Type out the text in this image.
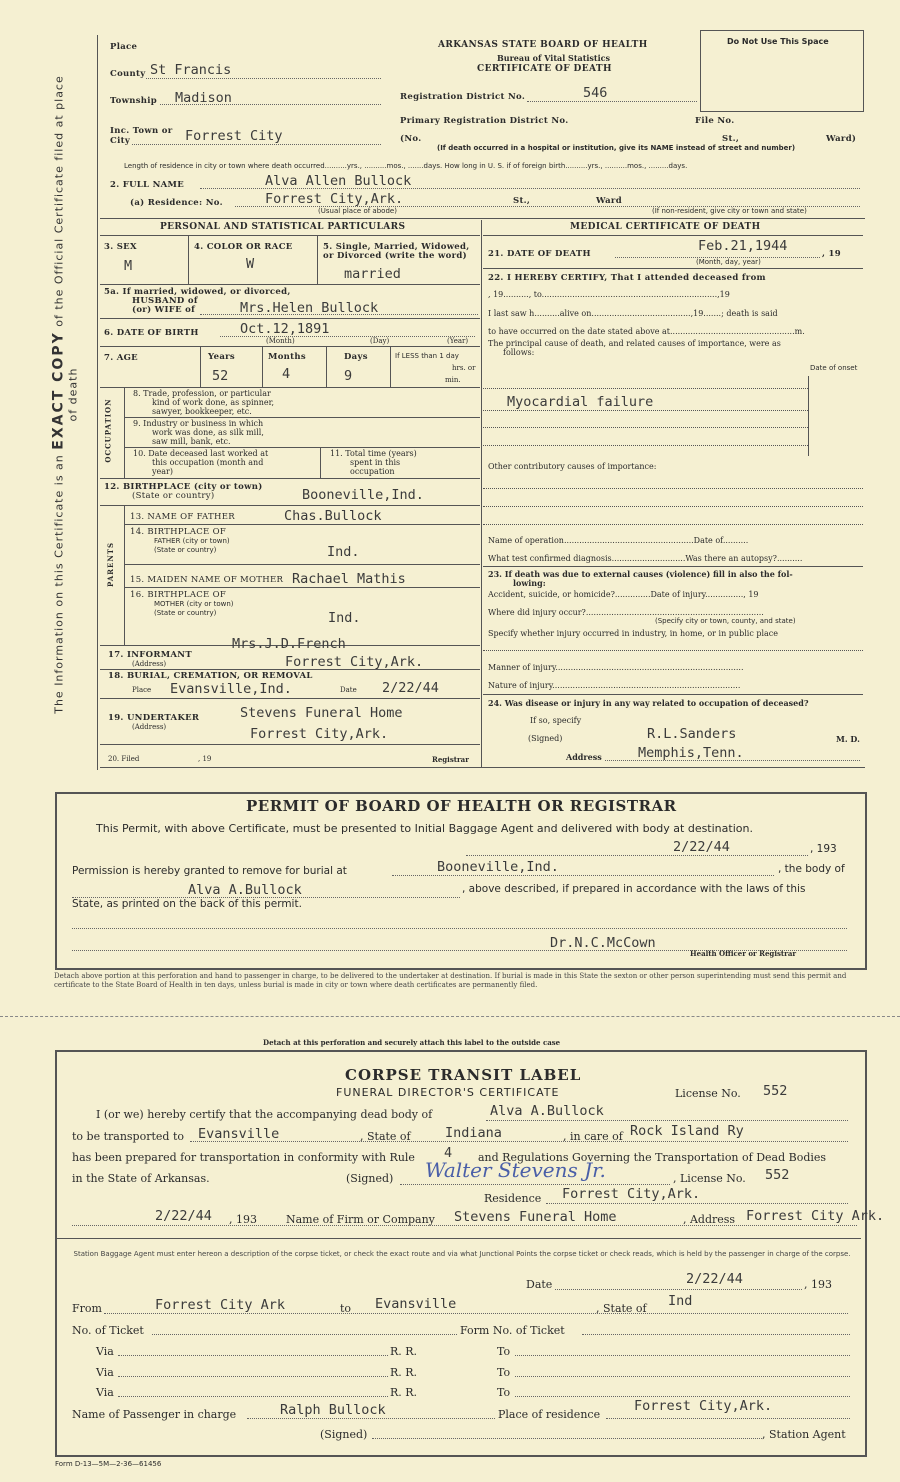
The Information on this Certificate is an EXACT COPY of the Official Certificate filed at place of death
Place	ARKANSAS STATE BOARD OF HEALTH
Bureau of Vital Statistics
CERTIFICATE OF DEATH
Do Not Use This Space
County St Francis
Township Madison	Registration District No.	546
Primary Registration District No.	File No.
Inc. Town or
City	Forrest City	(No.	St.,	Ward)
(If death occurred in a hospital or institution, give its NAME instead of street and number)
Length of residence in city or town where death occurred..........yrs., ..........mos., .......days. How long in U. S. if of foreign birth..........yrs., ..........mos., .........days.
2. FULL NAME	Alva Allen Bullock
(a) Residence: No.	Forrest City,Ark.	St.,	Ward
(Usual place of abode)	(If non-resident, give city or town and state)
PERSONAL AND STATISTICAL PARTICULARS	MEDICAL CERTIFICATE OF DEATH
3. SEX
M
4. COLOR OR RACE
W
5. Single, Married, Widowed,
or Divorced (write the word)
married
21. DATE OF DEATH	Feb.21,1944	, 19
(Month, day, year)
5a. If married, widowed, or divorced,
HUSBAND of
(or) WIFE of	Mrs.Helen Bullock
22. I HEREBY CERTIFY, That I attended deceased from
, 19.........., to.....................................................................,19
I last saw h..........alive on.......................................,19.......; death is said
to have occurred on the date stated above at.................................................m.
The principal cause of death, and related causes of importance, were as
follows:
Date of onset
6. DATE OF BIRTH	Oct.12,1891
(Month)	(Day)	(Year)
7. AGE	Years	Months	Days	If LESS than 1 day
52	4	9	hrs. or
min.
Myocardial failure
Other contributory causes of importance:
OCCUPATION
8. Trade, profession, or particular
kind of work done, as spinner,
sawyer, bookkeeper, etc.
9. Industry or business in which
work was done, as silk mill,
saw mill, bank, etc.
10. Date deceased last worked at
this occupation (month and
year)
11. Total time (years)
spent in this
occupation
12. BIRTHPLACE (city or town)
(State or country)	Booneville,Ind.
PARENTS
13. NAME OF FATHER	Chas.Bullock
14. BIRTHPLACE OF
FATHER (city or town)
(State or country)	Ind.
15. MAIDEN NAME OF MOTHER Rachael Mathis
16. BIRTHPLACE OF
MOTHER (city or town)
(State or country)	Ind.
Name of operation...................................................Date of..........
What test confirmed diagnosis.............................Was there an autopsy?..........
23. If death was due to external causes (violence) fill in also the fol-
lowing:
Accident, suicide, or homicide?..............Date of injury..............., 19
Where did injury occur?......................................................................
(Specify city or town, county, and state)
Specify whether injury occurred in industry, in home, or in public place
Manner of injury..........................................................................
Nature of injury..........................................................................
24. Was disease or injury in any way related to occupation of deceased?
If so, specify
(Signed)	R.L.Sanders	M. D.
Address	Memphis,Tenn.
Mrs.J.D.French
17. INFORMANT
(Address)	Forrest City,Ark.
18. BURIAL, CREMATION, OR REMOVAL
Place Evansville,Ind.	Date 2/22/44
Stevens Funeral Home
19. UNDERTAKER
(Address)	Forrest City,Ark.
20. Filed	, 19	Registrar
PERMIT OF BOARD OF HEALTH OR REGISTRAR
This Permit, with above Certificate, must be presented to Initial Baggage Agent and delivered with body at destination.
2/22/44	, 193
Permission is hereby granted to remove for burial at	Booneville,Ind.	, the body of
Alva A.Bullock	, above described, if prepared in accordance with the laws of this
State, as printed on the back of this permit.
Dr.N.C.McCown
Health Officer or Registrar
Detach above portion at this perforation and hand to passenger in charge, to be delivered to the undertaker at destination. If burial is made in this State the sexton or other person superintending must send this permit and certificate to the State Board of Health in ten days, unless burial is made in city or town where death certificates are permanently filed.
Detach at this perforation and securely attach this label to the outside case
CORPSE TRANSIT LABEL
FUNERAL DIRECTOR'S CERTIFICATE	License No. 552
I (or we) hereby certify that the accompanying dead body of	Alva A.Bullock
to be transported to Evansville	, State of	Indiana	, in care of Rock Island Ry
has been prepared for transportation in conformity with Rule 4 and Regulations Governing the Transportation of Dead Bodies
in the State of Arkansas.	(Signed) Walter Stevens Jr.	, License No. 552
Residence Forrest City,Ark.
2/22/44 , 193	Name of Firm or Company Stevens Funeral Home	, Address Forrest City Ark.
Station Baggage Agent must enter hereon a description of the corpse ticket, or check the exact route and via what Junctional Points the corpse ticket or check reads, which is held by the passenger in charge of the corpse.
Date	2/22/44	, 193
From	Forrest City Ark	to Evansville	, State of Ind
No. of Ticket	Form No. of Ticket
Via	R. R.	To
Via	R. R.	To
Via	R. R.	To
Name of Passenger in charge	Ralph Bullock	Place of residence
Forrest City,Ark.
(Signed)	, Station Agent
Form D-13—5M—2-36—61456
